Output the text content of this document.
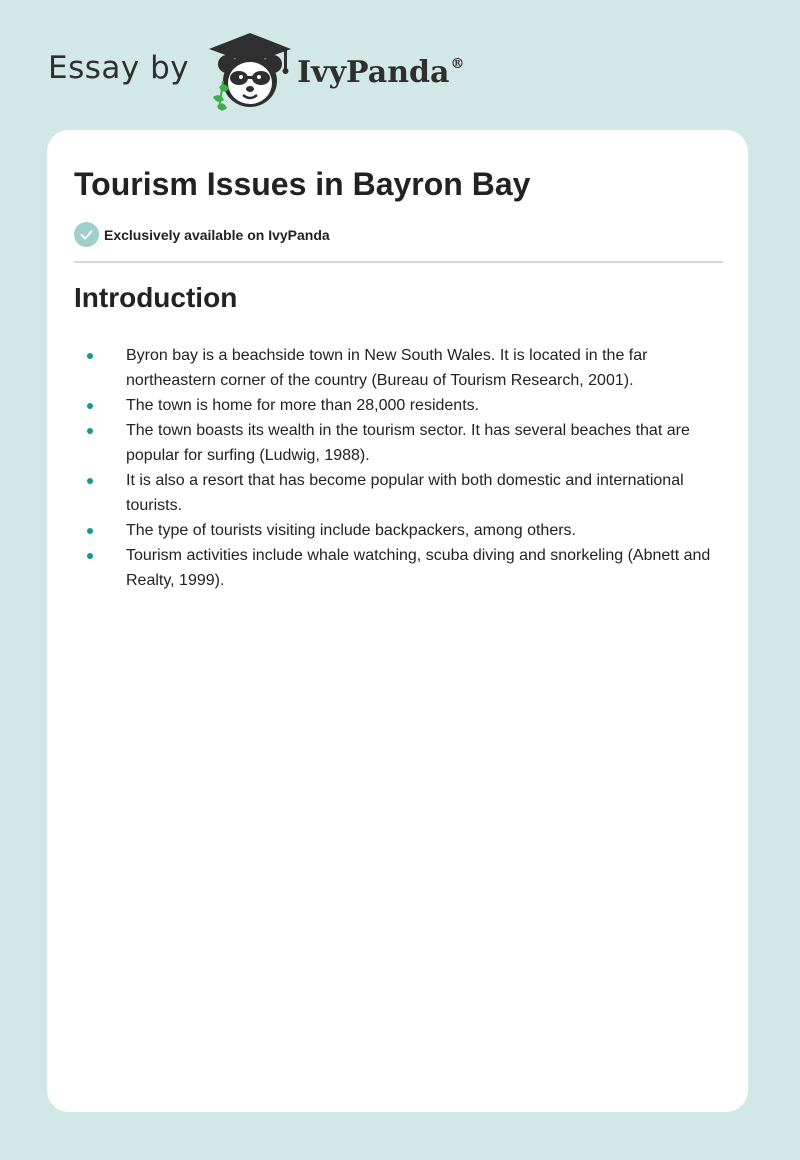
Essay by	IvyPanda®
Tourism Issues in Bayron Bay
Exclusively available on IvyPanda
Introduction
Byron bay is a beachside town in New South Wales. It is located in the far northeastern corner of the country (Bureau of Tourism Research, 2001).
The town is home for more than 28,000 residents.
The town boasts its wealth in the tourism sector. It has several beaches that are popular for surfing (Ludwig, 1988).
It is also a resort that has become popular with both domestic and international tourists.
The type of tourists visiting include backpackers, among others.
Tourism activities include whale watching, scuba diving and snorkeling (Abnett and Realty, 1999).
